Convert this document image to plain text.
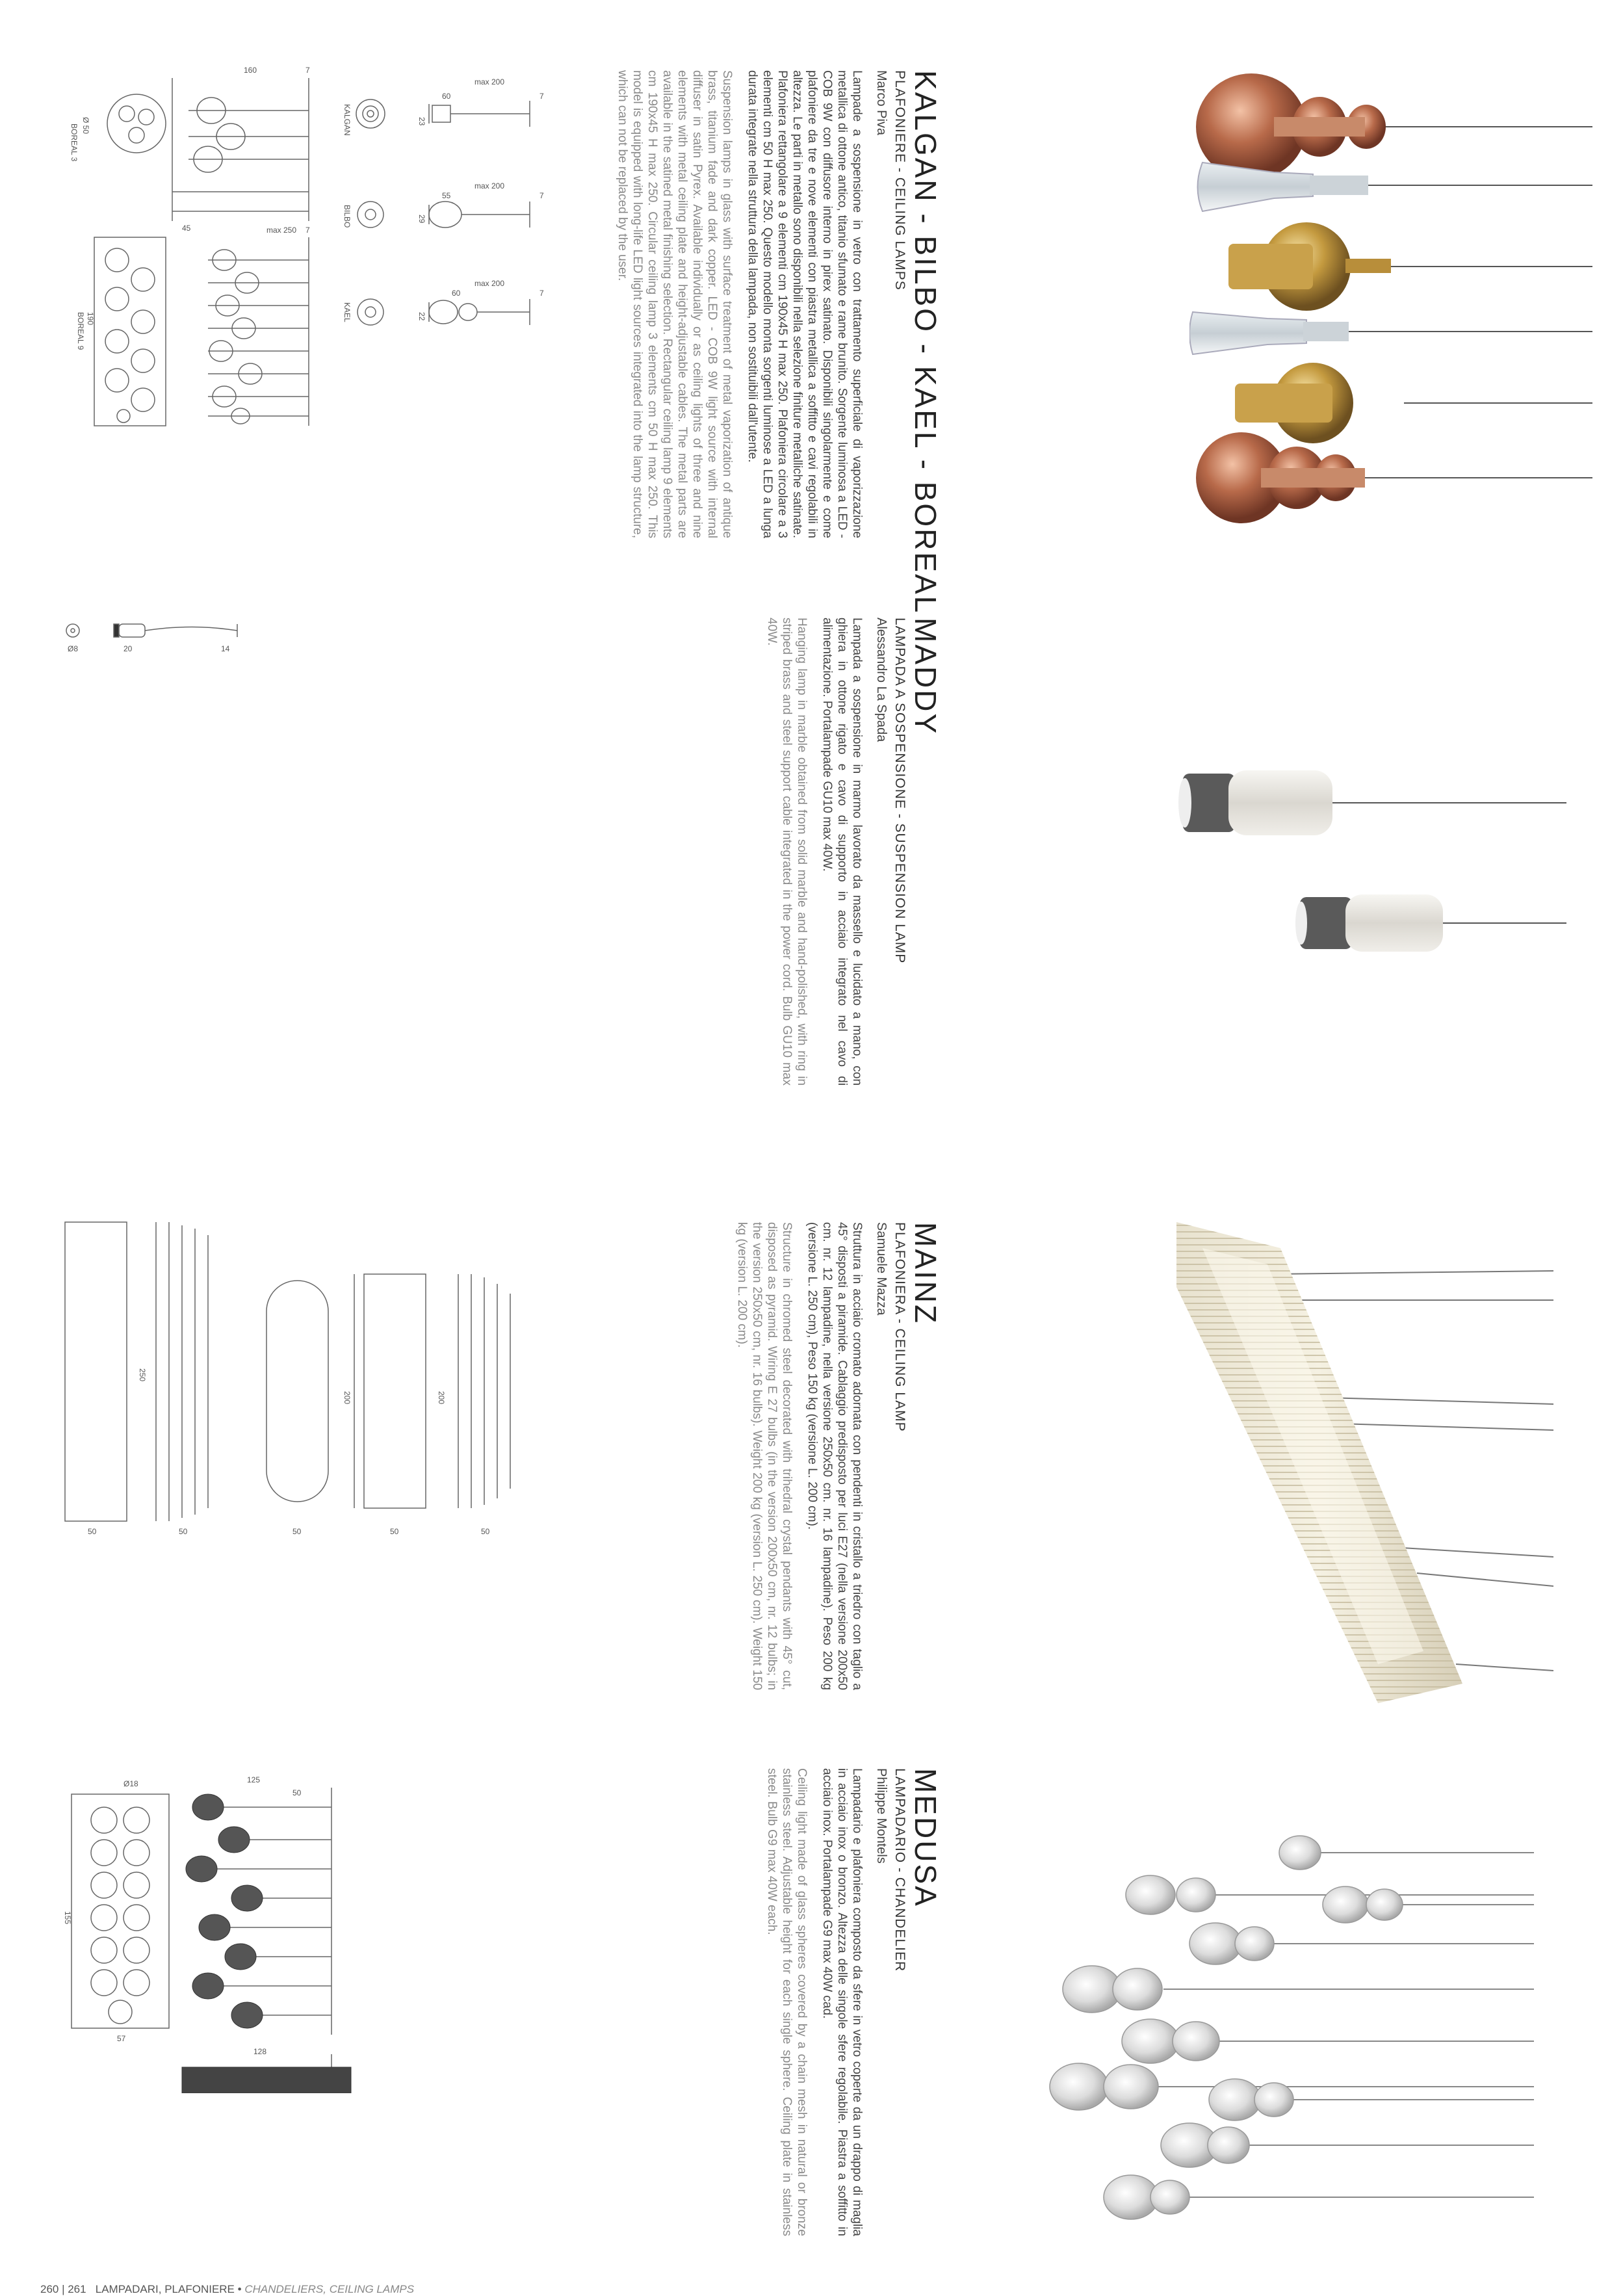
KALGAN - BILBO - KAEL - BOREAL
PLAFONIERE - CEILING LAMPS
Marco Piva
Lampade a sospensione in vetro con trattamento superficiale di vaporizzazione metallica di ottone antico, titanio sfumato e rame brunito. Sorgente luminosa a LED - COB 9W con diffusore interno in pirex satinato. Disponibili singolarmente e come plafoniere da tre e nove elementi con piastra metallica a soffitto e cavi regolabili in altezza. Le parti in metallo sono disponibili nella selezione finiture metalliche satinate. Plafoniera rettangolare a 9 elementi cm 190x45 H max 250. Plafoniera circolare a 3 elementi cm 50 H max 250. Questo modello monta sorgenti luminose a LED a lunga durata integrate nella struttura della lampada, non sostituibili dall'utente.
Suspension lamps in glass with surface treatment of metal vaporization of antique brass, titanium fade and dark copper. LED - COB 9W light source with internal diffuser in satin Pyrex. Available individually or as ceiling lights of three and nine elements with metal ceiling plate and height-adjustable cables. The metal parts are available in the satined metal finishing selection. Rectangular ceiling lamp 9 elements cm 190x45 H max 250. Circular ceiling lamp 3 elements cm 50 H max 250. This model is equipped with long-life LED light sources integrated into the lamp structure, which can not be replaced by the user.
BOREAL 3 Ø 50
BOREAL 9 190
45
160	7
max 250 7
KALGAN
BILBO
KAEL
max 200
max 200
max 200
60
55
60
23
29
22
7
7
7
MADDY
LAMPADA A SOSPENSIONE - SUSPENSION LAMP
Alessandro La Spada
Lampada a sospensione in marmo lavorato da massello e lucidato a mano, con ghiera in ottone rigato e cavo di supporto in acciaio integrato nel cavo di alimentazione. Portalampade GU10 max 40W.
Hanging lamp in marble obtained from solid marble and hand-polished, with ring in striped brass and steel support cable integrated in the power cord. Bulb GU10 max 40W.
Ø8	20	14
MAINZ
PLAFONIERA - CEILING LAMP
Samuele Mazza
Struttura in acciaio cromato adornata con pendenti in cristallo a triedro con taglio a 45° disposti a piramide. Cablaggio predisposto per luci E27 (nella versione 200x50 cm. nr. 12 lampadine, nella versione 250x50 cm. nr. 16 lampadine). Peso 200 kg (versione L. 250 cm), Peso 150 kg (versione L. 200 cm).
Structure in chromed steel decorated with trihedral crystal pendants with 45° cut, disposed as pyramid. Wiring E 27 bulbs (in the version 200x50 cm, nr. 12 bulbs; in the version 250x50 cm, nr. 16 bulbs). Weight 200 kg (version L. 250 cm). Weight 150 kg (version L. 200 cm).
250
200	200
50	50	50	50	50
MEDUSA
LAMPADARIO - CHANDELIER
Philippe Montels
Lampadario e plafoniera composto da sfere in vetro coperte da un drappo di maglia in acciaio inox o bronzo. Altezza delle singole sfere regolabile. Piastra a soffitto in acciaio inox. Portalampade G9 max 40W cad.
Ceiling light made of glass spheres covered by a chain mesh in natural or bronze stainless steel. Adjustable height for each single sphere. Ceiling plate in stainless steel. Bulb G9 max 40W each.
Ø18	125
50
155
57
128
260 | 261 LAMPADARI, PLAFONIERE • CHANDELIERS, CEILING LAMPS
